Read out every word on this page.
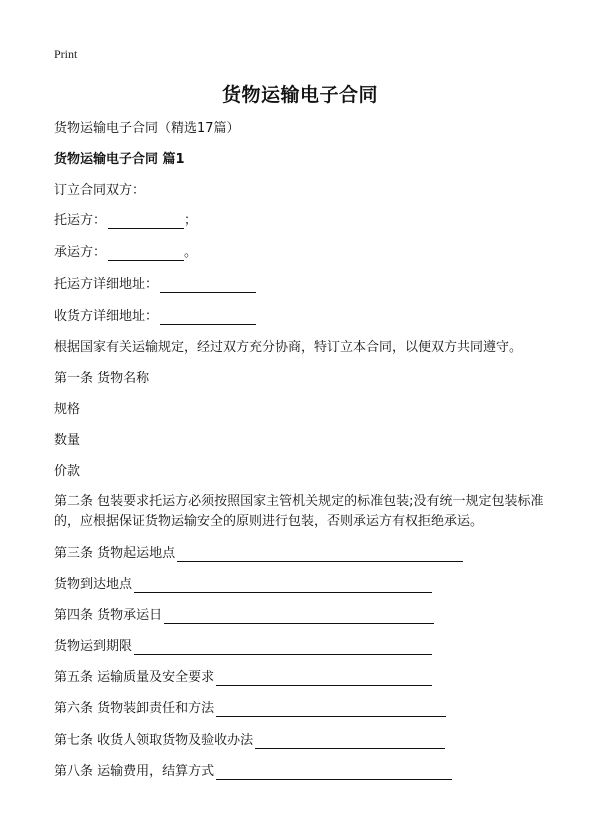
Print
货物运输电子合同
货物运输电子合同（精选17篇）
货物运输电子合同 篇1
订立合同双方：
托运方：	；
承运方：	。
托运方详细地址：
收货方详细地址：
根据国家有关运输规定，经过双方充分协商，特订立本合同，以便双方共同遵守。
第一条 货物名称
规格
数量
价款
第二条 包装要求托运方必须按照国家主管机关规定的标准包装;没有统一规定包装标准的，应根据保证货物运输安全的原则进行包装，否则承运方有权拒绝承运。
第三条 货物起运地点
货物到达地点
第四条 货物承运日
货物运到期限
第五条 运输质量及安全要求
第六条 货物装卸责任和方法
第七条 收货人领取货物及验收办法
第八条 运输费用，结算方式
